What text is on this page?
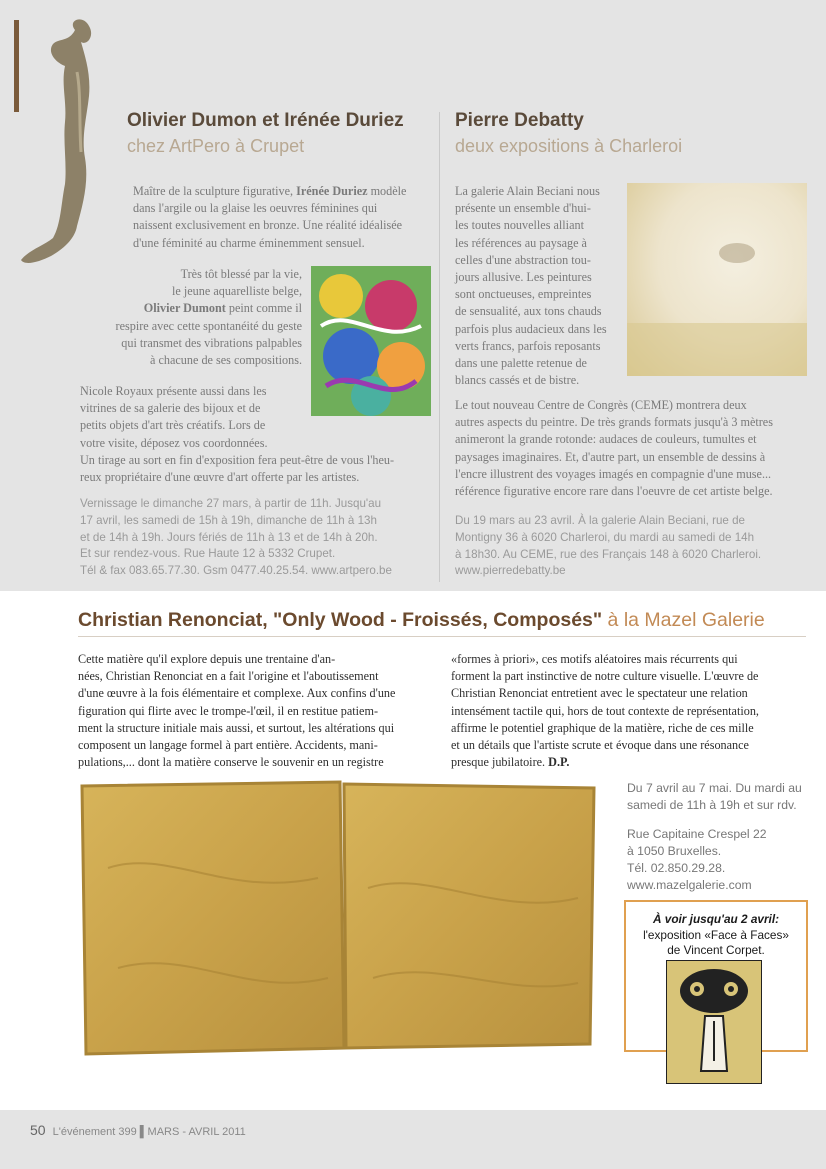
Olivier Dumon et Irénée Duriez
chez ArtPero à Crupet
Maître de la sculpture figurative, Irénée Duriez modèle
dans l'argile ou la glaise les oeuvres féminines qui
naissent exclusivement en bronze. Une réalité idéalisée
d'une féminité au charme éminemment sensuel.
Très tôt blessé par la vie,
le jeune aquarelliste belge,
Olivier Dumont peint comme il
respire avec cette spontanéité du geste
qui transmet des vibrations palpables
à chacune de ses compositions.
Nicole Royaux présente aussi dans les
vitrines de sa galerie des bijoux et de
petits objets d'art très créatifs. Lors de
votre visite, déposez vos coordonnées.
Un tirage au sort en fin d'exposition fera peut-être de vous l'heu-
reux propriétaire d'une œuvre d'art offerte par les artistes.
Vernissage le dimanche 27 mars, à partir de 11h. Jusqu'au
17 avril, les samedi de 15h à 19h, dimanche de 11h à 13h
et de 14h à 19h. Jours fériés de 11h à 13 et de 14h à 20h.
Et sur rendez-vous. Rue Haute 12 à 5332 Crupet.
Tél & fax 083.65.77.30. Gsm 0477.40.25.54. www.artpero.be
Pierre Debatty
deux expositions à Charleroi
La galerie Alain Beciani nous
présente un ensemble d'hui-
les toutes nouvelles alliant
les références au paysage à
celles d'une abstraction tou-
jours allusive. Les peintures
sont onctueuses, empreintes
de sensualité, aux tons chauds
parfois plus audacieux dans les
verts francs, parfois reposants
dans une palette retenue de
blancs cassés et de bistre.
Le tout nouveau Centre de Congrès (CEME) montrera deux
autres aspects du peintre. De très grands formats jusqu'à 3 mètres
animeront la grande rotonde: audaces de couleurs, tumultes et
paysages imaginaires. Et, d'autre part, un ensemble de dessins à
l'encre illustrent des voyages imagés en compagnie d'une muse...
référence figurative encore rare dans l'oeuvre de cet artiste belge.
Du 19 mars au 23 avril. À la galerie Alain Beciani, rue de
Montigny 36 à 6020 Charleroi, du mardi au samedi de 14h
à 18h30. Au CEME, rue des Français 148 à 6020 Charleroi.
www.pierredebatty.be
Christian Renonciat, "Only Wood - Froissés, Composés" à la Mazel Galerie
Cette matière qu'il explore depuis une trentaine d'an-
nées, Christian Renonciat en a fait l'origine et l'aboutissement
d'une œuvre à la fois élémentaire et complexe. Aux confins d'une
figuration qui flirte avec le trompe-l'œil, il en restitue patiem-
ment la structure initiale mais aussi, et surtout, les altérations qui
composent un langage formel à part entière. Accidents, mani-
pulations,... dont la matière conserve le souvenir en un registre
«formes à priori», ces motifs aléatoires mais récurrents qui
forment la part instinctive de notre culture visuelle. L'œuvre de
Christian Renonciat entretient avec le spectateur une relation
intensément tactile qui, hors de tout contexte de représentation,
affirme le potentiel graphique de la matière, riche de ces mille
et un détails que l'artiste scrute et évoque dans une résonance
presque jubilatoire. D.P.
Du 7 avril au 7 mai. Du mardi au
samedi de 11h à 19h et sur rdv.
Rue Capitaine Crespel 22
à 1050 Bruxelles.
Tél. 02.850.29.28.
www.mazelgalerie.com
À voir jusqu'au 2 avril:
l'exposition «Face à Faces»
de Vincent Corpet.
50 L'événement 399 ▌MARS - AVRIL 2011
